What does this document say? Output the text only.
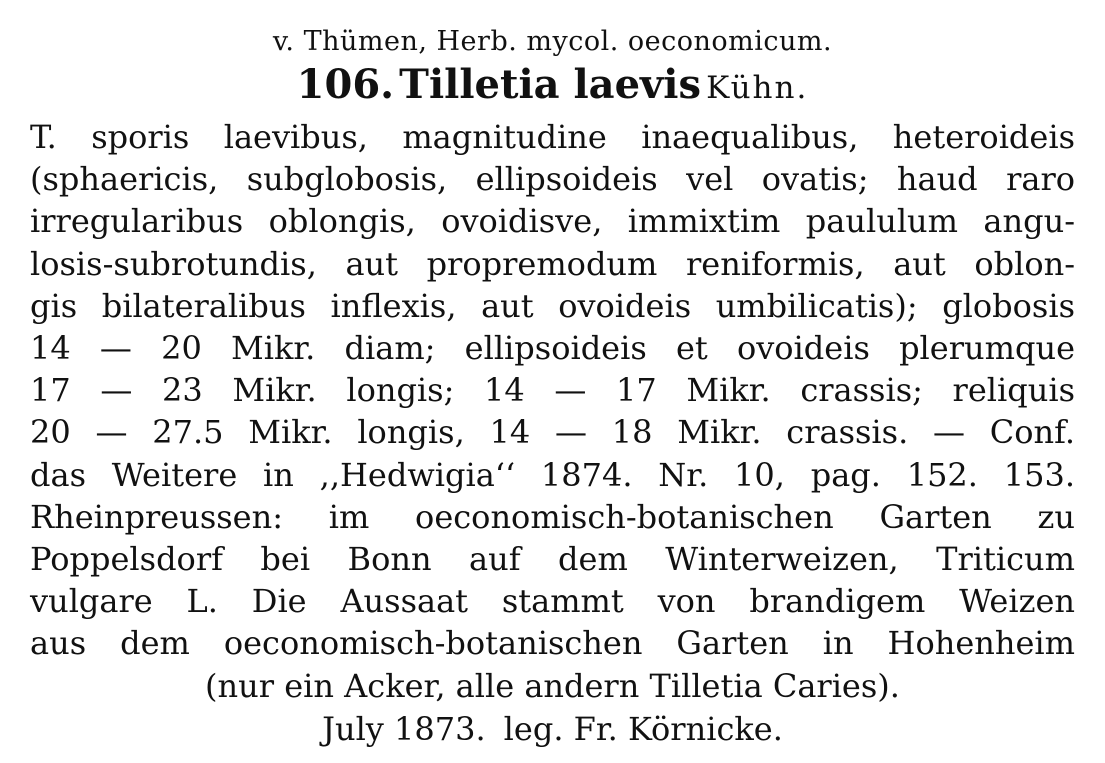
v. Thümen, Herb. mycol. oeconomicum.

106. Tilletia laevis Kühn.

T. sporis laevibus, magnitudine inaequalibus, heteroideis
(sphaericis, subglobosis, ellipsoideis vel ovatis; haud raro
irregularibus oblongis, ovoidisve, immixtim paululum angu-
losis-subrotundis, aut propremodum reniformis, aut oblon-
gis bilateralibus inflexis, aut ovoideis umbilicatis); globosis
14 — 20 Mikr. diam; ellipsoideis et ovoideis plerumque
17 — 23 Mikr. longis; 14 — 17 Mikr. crassis; reliquis
20 — 27.5 Mikr. longis, 14 — 18 Mikr. crassis. — Conf.
das Weitere in ,,Hedwigia‘‘ 1874. Nr. 10, pag. 152. 153.
Rheinpreussen: im oeconomisch-botanischen Garten zu
Poppelsdorf bei Bonn auf dem Winterweizen, Triticum
vulgare L. Die Aussaat stammt von brandigem Weizen
aus dem oeconomisch-botanischen Garten in Hohenheim
(nur ein Acker, alle andern Tilletia Caries).

July 1873. leg. Fr. Körnicke.
